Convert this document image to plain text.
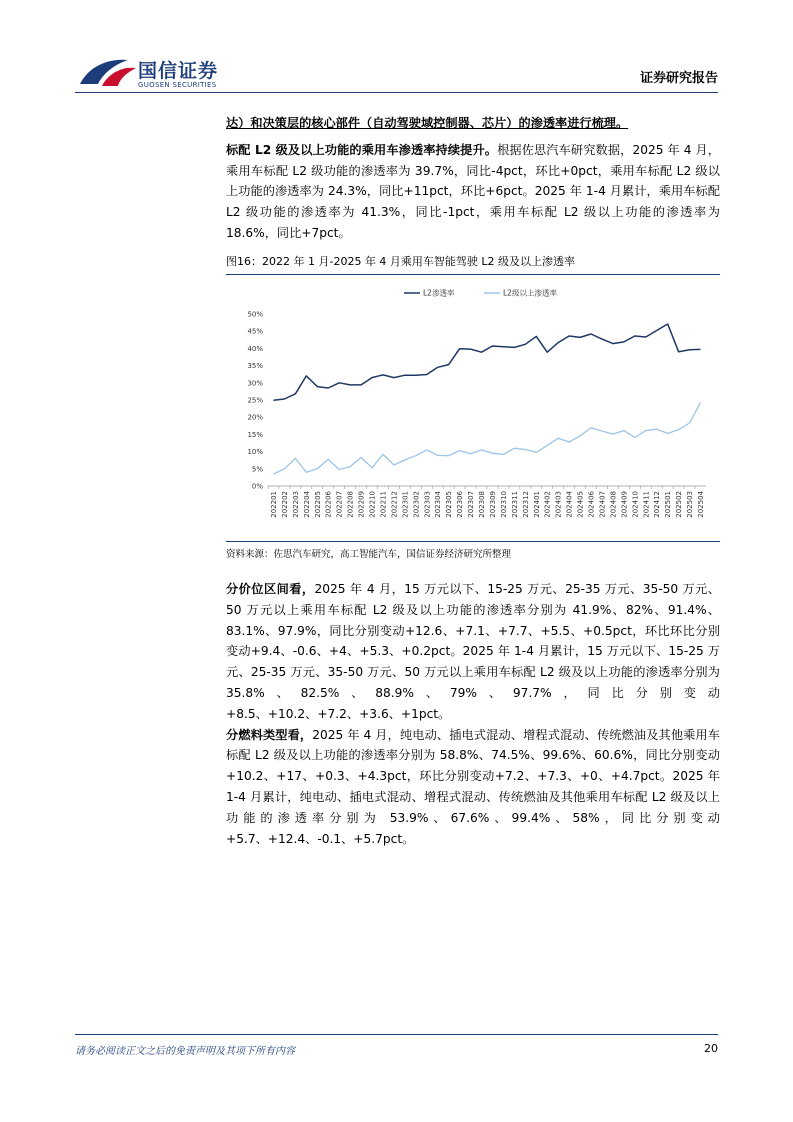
国信证券
GUOSEN SECURITIES	证券研究报告

达）和决策层的核心部件（自动驾驶域控制器、芯片）的渗透率进行梳理。

标配 L2 级及以上功能的乘用车渗透率持续提升。根据佐思汽车研究数据，2025 年 4 月，乘用车标配 L2 级功能的渗透率为 39.7%，同比-4pct，环比+0pct，乘用车标配 L2 级以上功能的渗透率为 24.3%，同比+11pct，环比+6pct。2025 年 1-4 月累计，乘用车标配 L2 级功能的渗透率为 41.3%，同比-1pct，乘用车标配 L2 级以上功能的渗透率为 18.6%，同比+7pct。

图16：2022 年 1 月-2025 年 4 月乘用车智能驾驶 L2 级及以上渗透率
L2渗透率	L2级以上渗透率
0%
5%
10%
15%
20%
25%
30%
35%
40%
45%
50%
202201 202202 202203 202204 202205 202206 202207 202208 202209 202210 202211 202212 202301 202302 202303 202304 202305 202306 202307 202308 202309 202310 202311 202312 202401 202402 202403 202404 202405 202406 202407 202408 202409 202410 202411 202412 202501 202502 202503 202504
资料来源：佐思汽车研究，高工智能汽车，国信证券经济研究所整理

分价位区间看，2025 年 4 月，15 万元以下、15-25 万元、25-35 万元、35-50 万元、50 万元以上乘用车标配 L2 级及以上功能的渗透率分别为 41.9%、82%、91.4%、83.1%、97.9%，同比分别变动+12.6、+7.1、+7.7、+5.5、+0.5pct，环比环比分别变动+9.4、-0.6、+4、+5.3、+0.2pct。2025 年 1-4 月累计，15 万元以下、15-25 万元、25-35 万元、35-50 万元、50 万元以上乘用车标配 L2 级及以上功能的渗透率分别为 35.8%、82.5%、88.9%、79%、97.7%，同比分别变动+8.5、+10.2、+7.2、+3.6、+1pct。

分燃料类型看，2025 年 4 月，纯电动、插电式混动、增程式混动、传统燃油及其他乘用车标配 L2 级及以上功能的渗透率分别为 58.8%、74.5%、99.6%、60.6%，同比分别变动+10.2、+17、+0.3、+4.3pct，环比分别变动+7.2、+7.3、+0、+4.7pct。2025 年 1-4 月累计，纯电动、插电式混动、增程式混动、传统燃油及其他乘用车标配 L2 级及以上功能的渗透率分别为 53.9%、67.6%、99.4%、58%，同比分别变动+5.7、+12.4、-0.1、+5.7pct。

请务必阅读正文之后的免责声明及其项下所有内容	20
